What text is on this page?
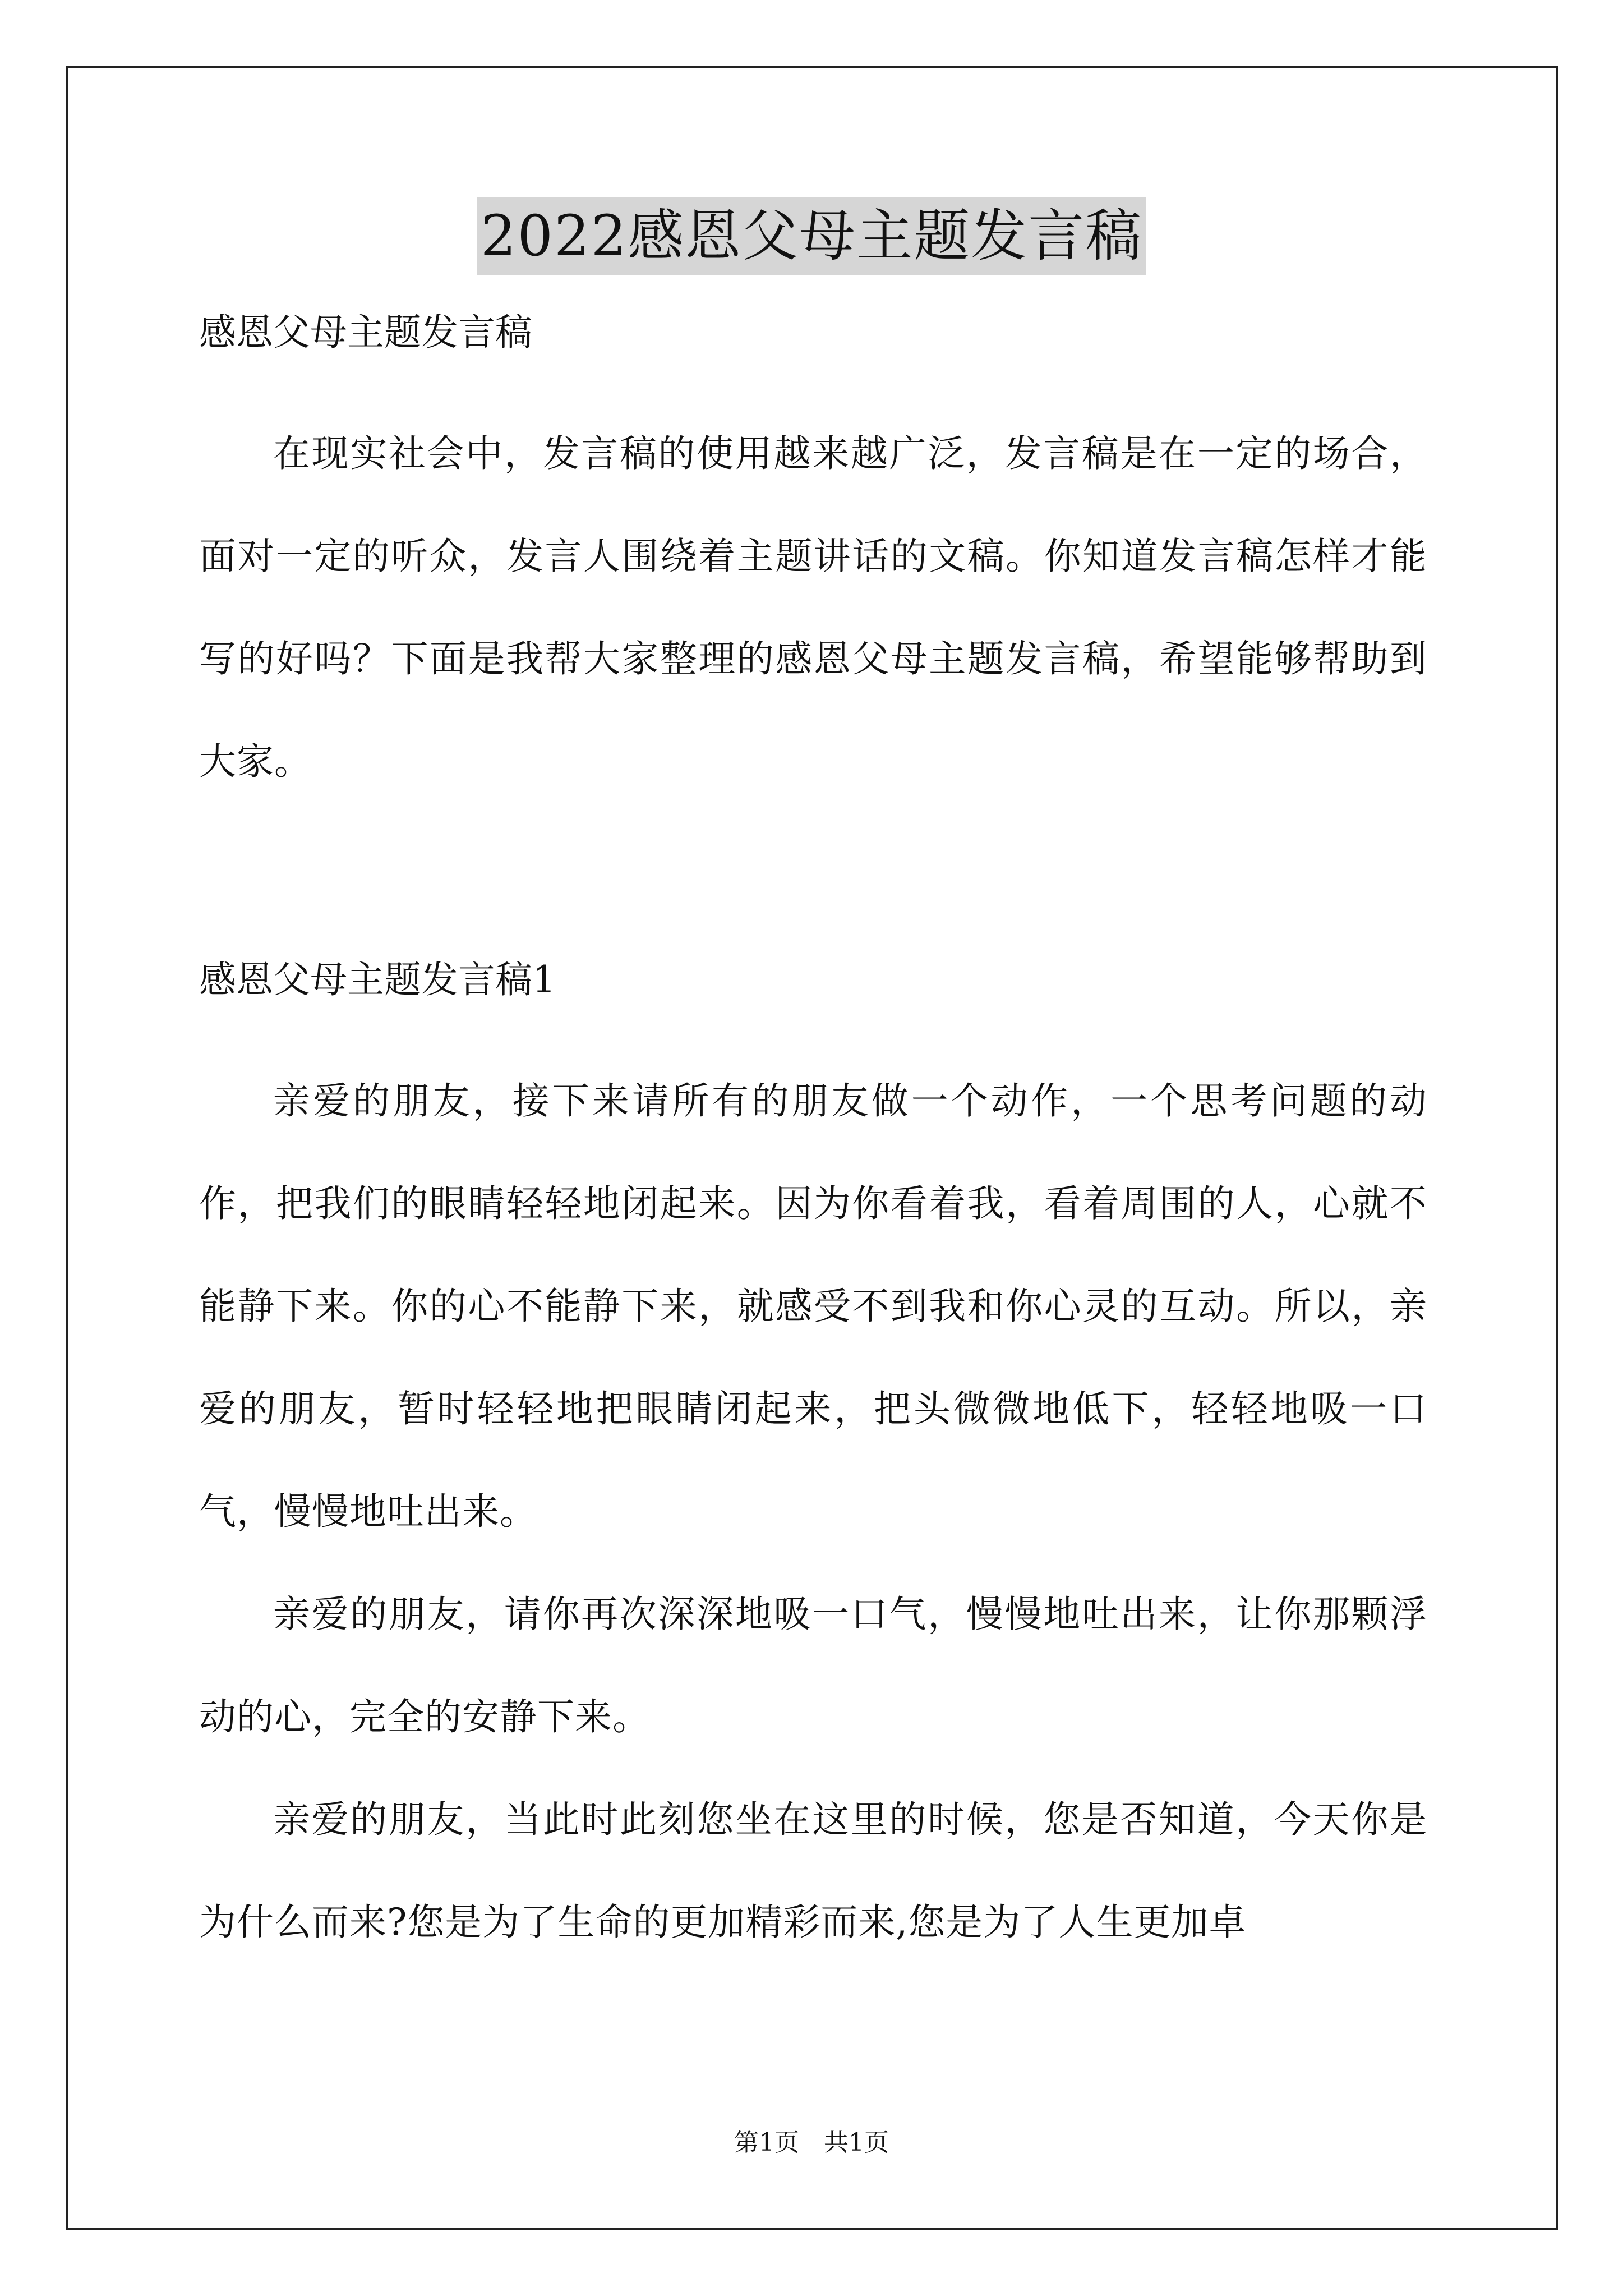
2022感恩父母主题发言稿

感恩父母主题发言稿

在现实社会中，发言稿的使用越来越广泛，发言稿是在一定的场合，面对一定的听众，发言人围绕着主题讲话的文稿。你知道发言稿怎样才能写的好吗？下面是我帮大家整理的感恩父母主题发言稿，希望能够帮助到大家。

感恩父母主题发言稿1

亲爱的朋友，接下来请所有的朋友做一个动作，一个思考问题的动作，把我们的眼睛轻轻地闭起来。因为你看着我，看着周围的人，心就不能静下来。你的心不能静下来，就感受不到我和你心灵的互动。所以，亲爱的朋友，暂时轻轻地把眼睛闭起来，把头微微地低下，轻轻地吸一口气，慢慢地吐出来。

亲爱的朋友，请你再次深深地吸一口气，慢慢地吐出来，让你那颗浮动的心，完全的安静下来。

亲爱的朋友，当此时此刻您坐在这里的时候，您是否知道，今天你是为什么而来?您是为了生命的更加精彩而来,您是为了人生更加卓

第1页　共1页
